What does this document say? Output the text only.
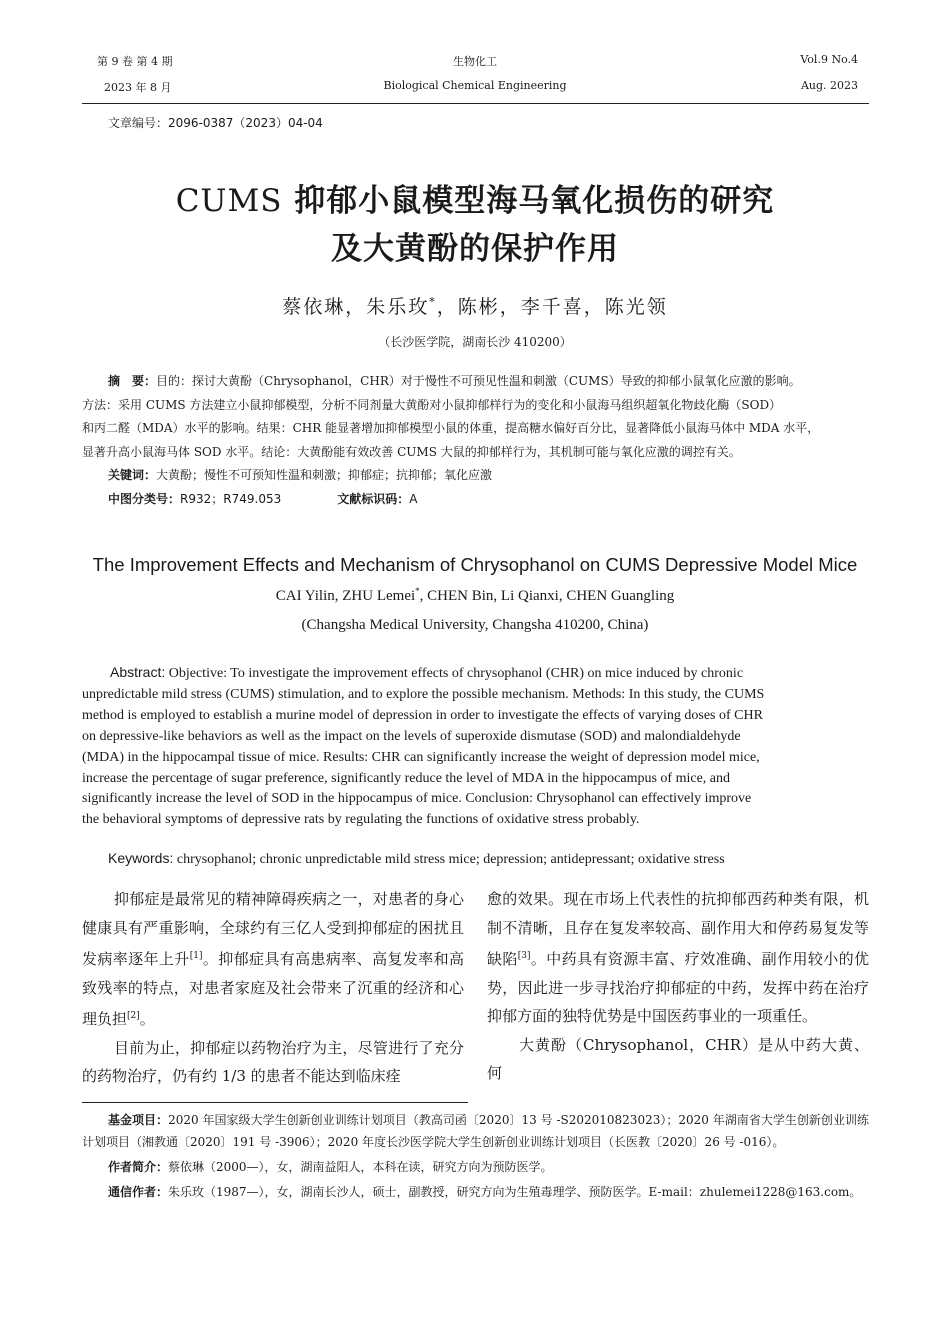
第 9 卷 第 4 期
2023 年 8 月
生物化工
Biological Chemical Engineering
Vol.9 No.4
Aug. 2023
文章编号：2096-0387（2023）04-04
CUMS 抑郁小鼠模型海马氧化损伤的研究
及大黄酚的保护作用
蔡依琳，朱乐玫*，陈彬，李千喜，陈光领
（长沙医学院，湖南长沙 410200）
摘　要：目的：探讨大黄酚（Chrysophanol，CHR）对于慢性不可预见性温和刺激（CUMS）导致的抑郁小鼠氧化应激的影响。
方法：采用 CUMS 方法建立小鼠抑郁模型，分析不同剂量大黄酚对小鼠抑郁样行为的变化和小鼠海马组织超氧化物歧化酶（SOD）
和丙二醛（MDA）水平的影响。结果：CHR 能显著增加抑郁模型小鼠的体重，提高糖水偏好百分比，显著降低小鼠海马体中 MDA 水平，
显著升高小鼠海马体 SOD 水平。结论：大黄酚能有效改善 CUMS 大鼠的抑郁样行为，其机制可能与氧化应激的调控有关。
关键词：大黄酚；慢性不可预知性温和刺激；抑郁症；抗抑郁；氧化应激
中图分类号：R932；R749.053	文献标识码：A
The Improvement Effects and Mechanism of Chrysophanol on CUMS Depressive Model Mice
CAI Yilin, ZHU Lemei*, CHEN Bin, Li Qianxi, CHEN Guangling
(Changsha Medical University, Changsha 410200, China)
Abstract: Objective: To investigate the improvement effects of chrysophanol (CHR) on mice induced by chronic
unpredictable mild stress (CUMS) stimulation, and to explore the possible mechanism. Methods: In this study, the CUMS
method is employed to establish a murine model of depression in order to investigate the effects of varying doses of CHR
on depressive-like behaviors as well as the impact on the levels of superoxide dismutase (SOD) and malondialdehyde
(MDA) in the hippocampal tissue of mice. Results: CHR can significantly increase the weight of depression model mice,
increase the percentage of sugar preference, significantly reduce the level of MDA in the hippocampus of mice, and
significantly increase the level of SOD in the hippocampus of mice. Conclusion: Chrysophanol can effectively improve
the behavioral symptoms of depressive rats by regulating the functions of oxidative stress probably.
Keywords: chrysophanol; chronic unpredictable mild stress mice; depression; antidepressant; oxidative stress

抑郁症是最常见的精神障碍疾病之一，对患者的身心健康具有严重影响，全球约有三亿人受到抑郁症的困扰且发病率逐年上升[1]。抑郁症具有高患病率、高复发率和高致残率的特点，对患者家庭及社会带来了沉重的经济和心理负担[2]。

目前为止，抑郁症以药物治疗为主，尽管进行了充分的药物治疗，仍有约 1/3 的患者不能达到临床痊

愈的效果。现在市场上代表性的抗抑郁西药种类有限，机制不清晰，且存在复发率较高、副作用大和停药易复发等缺陷[3]。中药具有资源丰富、疗效准确、副作用较小的优势，因此进一步寻找治疗抑郁症的中药，发挥中药在治疗抑郁方面的独特优势是中国医药事业的一项重任。

大黄酚（Chrysophanol，CHR）是从中药大黄、何

基金项目：2020 年国家级大学生创新创业训练计划项目（教高司函〔2020〕13 号 -S202010823023）；2020 年湖南省大学生创新创业训练计划项目（湘教通〔2020〕191 号 -3906）；2020 年度长沙医学院大学生创新创业训练计划项目（长医教〔2020〕26 号 -016）。

作者简介：蔡依琳（2000—），女，湖南益阳人，本科在读，研究方向为预防医学。

通信作者：朱乐玫（1987—），女，湖南长沙人，硕士，副教授，研究方向为生殖毒理学、预防医学。E-mail：zhulemei1228@163.com。
